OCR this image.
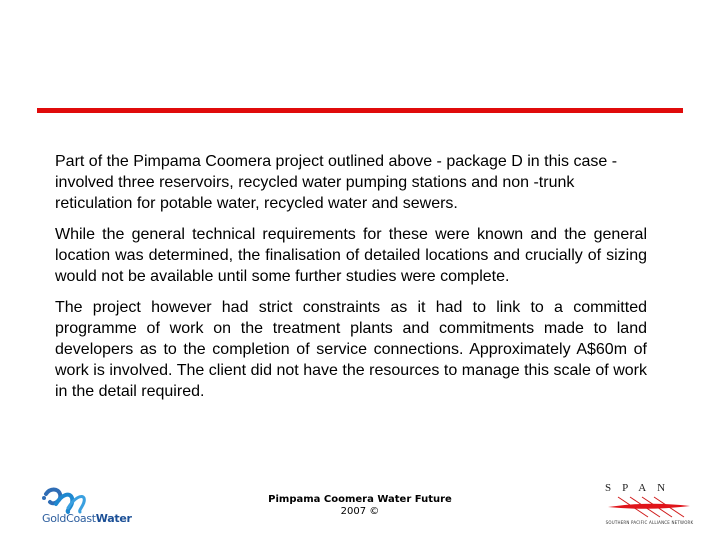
Part of the Pimpama Coomera project outlined above - package D in this case - involved three reservoirs, recycled water pumping stations and non -trunk reticulation for potable water, recycled water and sewers.

While the general technical requirements for these were known and the general location was determined, the finalisation of detailed locations and crucially of sizing would not be available until some further studies were complete.

The project however had strict constraints as it had to link to a committed programme of work on the treatment plants and commitments made to land developers as to the completion of service connections. Approximately A$60m of work is involved. The client did not have the resources to manage this scale of work in the detail required.

GoldCoastWater
Pimpama Coomera Water Future
2007 ©
SPAN
SOUTHERN PACIFIC ALLIANCE NETWORK
